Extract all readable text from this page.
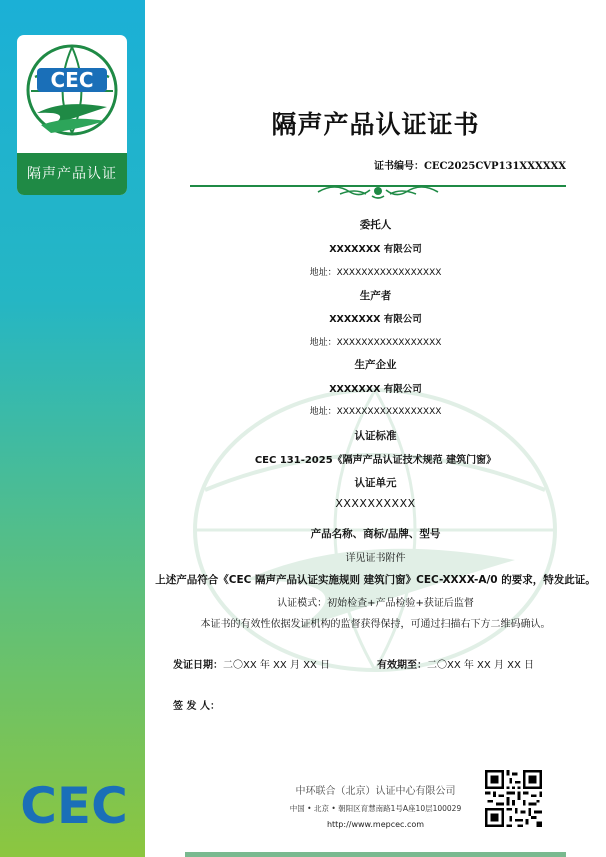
CEC
隔声产品认证
CEC
隔声产品认证证书
证书编号：CEC2025CVP131XXXXXX
委托人
XXXXXXX 有限公司
地址：XXXXXXXXXXXXXXXXX
生产者
XXXXXXX 有限公司
地址：XXXXXXXXXXXXXXXXX
生产企业
XXXXXXX 有限公司
地址：XXXXXXXXXXXXXXXXX
认证标准
CEC 131-2025《隔声产品认证技术规范 建筑门窗》
认证单元
XXXXXXXXXX
产品名称、商标/品牌、型号
详见证书附件
上述产品符合《CEC 隔声产品认证实施规则 建筑门窗》CEC-XXXX-A/0 的要求，特发此证。
认证模式：初始检查+产品检验+获证后监督
本证书的有效性依据发证机构的监督获得保持，可通过扫描右下方二维码确认。
发证日期：二〇XX 年 XX 月 XX 日	有效期至：二〇XX 年 XX 月 XX 日
签 发 人：
中环联合（北京）认证中心有限公司
中国 • 北京 • 朝阳区育慧南路1号A座10层100029
http://www.mepcec.com
